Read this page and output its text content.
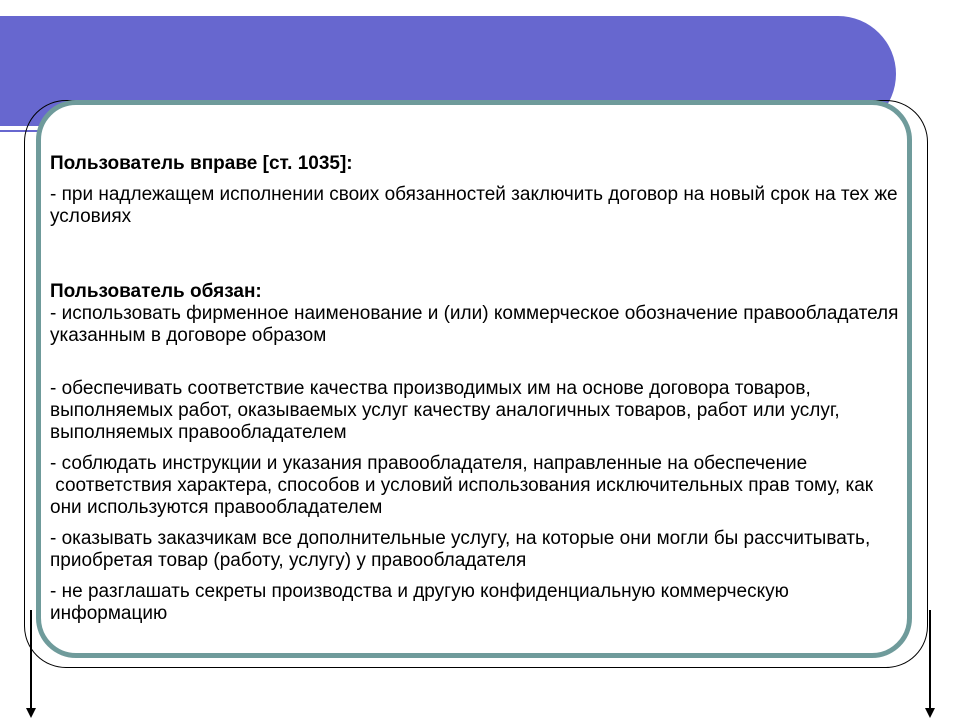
Пользователь вправе [ст. 1035]:

- при надлежащем исполнении своих обязанностей заключить договор на новый срок на тех же условиях

Пользователь обязан:
- использовать фирменное наименование и (или) коммерческое обозначение правообладателя указанным в договоре образом

- обеспечивать соответствие качества производимых им на основе договора товаров, выполняемых работ, оказываемых услуг качеству аналогичных товаров, работ или услуг, выполняемых правообладателем

- соблюдать инструкции и указания правообладателя, направленные на обеспечение
соответствия характера, способов и условий использования исключительных прав тому, как они используются правообладателем

- оказывать заказчикам все дополнительные услугу, на которые они могли бы рассчитывать, приобретая товар (работу, услугу) у правообладателя

- не разглашать секреты производства и другую конфиденциальную коммерческую информацию
